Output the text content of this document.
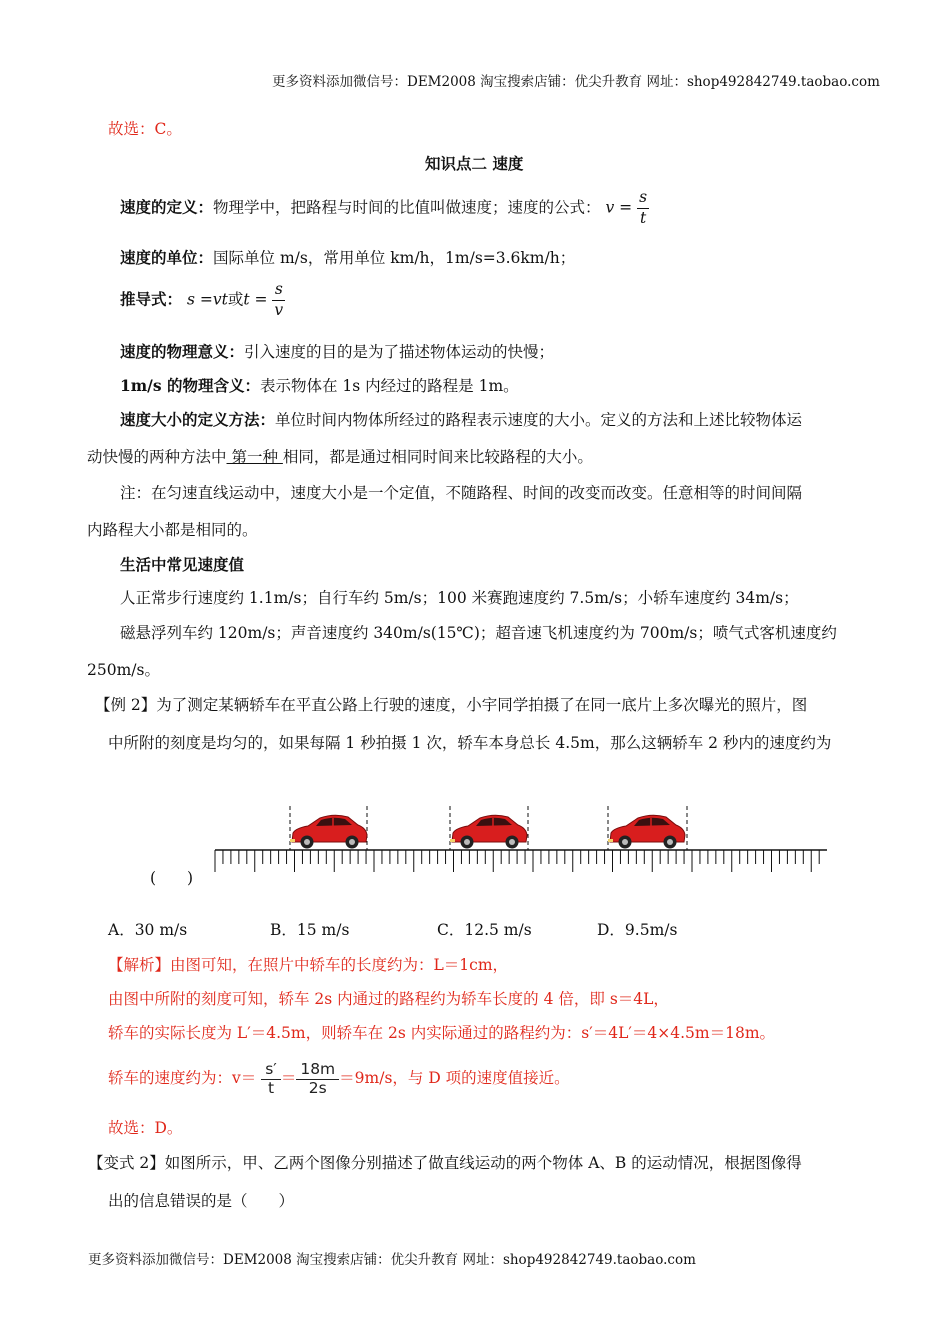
更多资料添加微信号：DEM2008 淘宝搜索店铺：优尖升教育 网址：shop492842749.taobao.com
故选：C。
知识点二 速度
速度的定义：物理学中，把路程与时间的比值叫做速度；速度的公式： $v = \frac{s}{t}$
速度的单位：国际单位 m/s，常用单位 km/h，1m/s=3.6km/h；
推导式： s =vt或$t = \frac{s}{v}$
速度的物理意义：引入速度的目的是为了描述物体运动的快慢；
1m/s 的物理含义：表示物体在 1s 内经过的路程是 1m。
速度大小的定义方法：单位时间内物体所经过的路程表示速度的大小。定义的方法和上述比较物体运
动快慢的两种方法中 第一种 相同，都是通过相同时间来比较路程的大小。
注：在匀速直线运动中，速度大小是一个定值，不随路程、时间的改变而改变。任意相等的时间间隔
内路程大小都是相同的。
生活中常见速度值
人正常步行速度约 1.1m/s；自行车约 5m/s；100 米赛跑速度约 7.5m/s；小轿车速度约 34m/s；
磁悬浮列车约 120m/s；声音速度约 340m/s(15℃)；超音速飞机速度约为 700m/s；喷气式客机速度约
250m/s。
【例 2】为了测定某辆轿车在平直公路上行驶的速度，小宇同学拍摄了在同一底片上多次曝光的照片，图
中所附的刻度是均匀的，如果每隔 1 秒拍摄 1 次，轿车本身总长 4.5m，那么这辆轿车 2 秒内的速度约为
(　　)
A．30 m/s	B．15 m/s	C．12.5 m/s	D．9.5m/s
【解析】由图可知，在照片中轿车的长度约为：L＝1cm，
由图中所附的刻度可知，轿车 2s 内通过的路程约为轿车长度的 4 倍，即 s＝4L，
轿车的实际长度为 L′＝4.5m，则轿车在 2s 内实际通过的路程约为：s′＝4L′＝4×4.5m＝18m。
轿车的速度约为：$v= \frac{s'}{t} = \frac{18m}{2s} =9m/s$，与 D 项的速度值接近。
故选：D。
【变式 2】如图所示，甲、乙两个图像分别描述了做直线运动的两个物体 A、B 的运动情况，根据图像得
出的信息错误的是（　　）
更多资料添加微信号：DEM2008 淘宝搜索店铺：优尖升教育 网址：shop492842749.taobao.com
